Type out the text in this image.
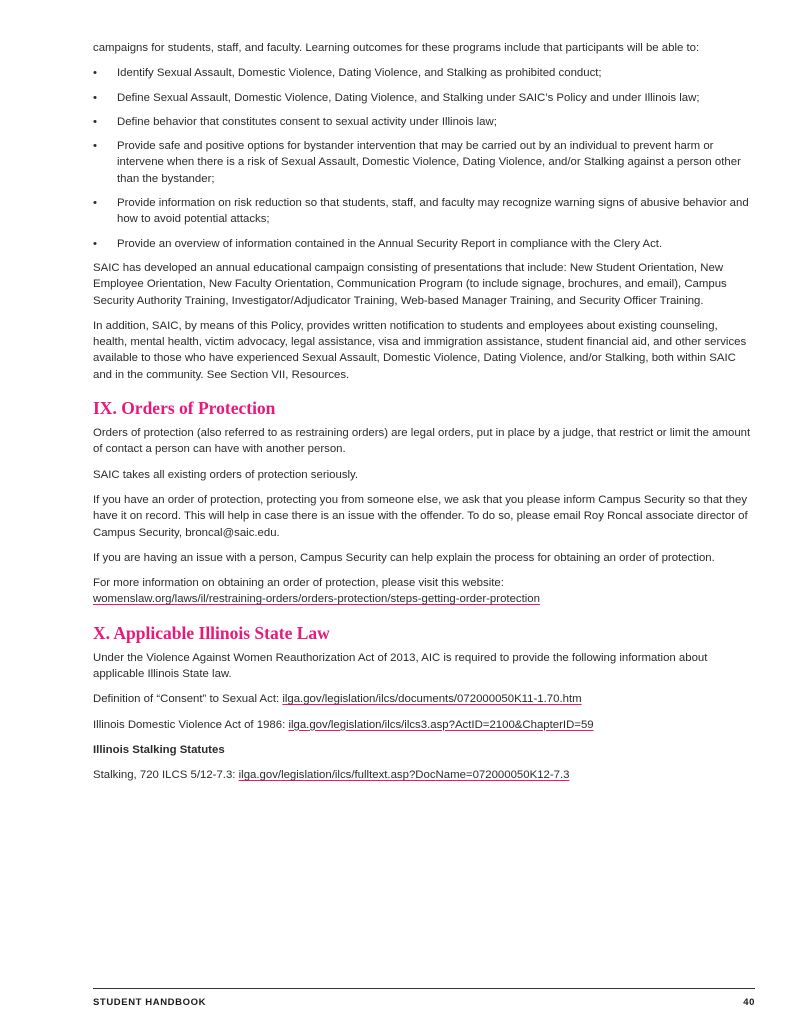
campaigns for students, staff, and faculty. Learning outcomes for these programs include that participants will be able to:

• Identify Sexual Assault, Domestic Violence, Dating Violence, and Stalking as prohibited conduct;
• Define Sexual Assault, Domestic Violence, Dating Violence, and Stalking under SAIC’s Policy and under Illinois law;
• Define behavior that constitutes consent to sexual activity under Illinois law;
• Provide safe and positive options for bystander intervention that may be carried out by an individual to prevent harm or intervene when there is a risk of Sexual Assault, Domestic Violence, Dating Violence, and/or Stalking against a person other than the bystander;
• Provide information on risk reduction so that students, staff, and faculty may recognize warning signs of abusive behavior and how to avoid potential attacks;
• Provide an overview of information contained in the Annual Security Report in compliance with the Clery Act.

SAIC has developed an annual educational campaign consisting of presentations that include: New Student Orientation, New Employee Orientation, New Faculty Orientation, Communication Program (to include signage, brochures, and email), Campus Security Authority Training, Investigator/Adjudicator Training, Web-based Manager Training, and Security Officer Training.

In addition, SAIC, by means of this Policy, provides written notification to students and employees about existing counseling, health, mental health, victim advocacy, legal assistance, visa and immigration assistance, student financial aid, and other services available to those who have experienced Sexual Assault, Domestic Violence, Dating Violence, and/or Stalking, both within SAIC and in the community. See Section VII, Resources.

IX. Orders of Protection

Orders of protection (also referred to as restraining orders) are legal orders, put in place by a judge, that restrict or limit the amount of contact a person can have with another person.

SAIC takes all existing orders of protection seriously.

If you have an order of protection, protecting you from someone else, we ask that you please inform Campus Security so that they have it on record. This will help in case there is an issue with the offender. To do so, please email Roy Roncal associate director of Campus Security, broncal@saic.edu.

If you are having an issue with a person, Campus Security can help explain the process for obtaining an order of protection.

For more information on obtaining an order of protection, please visit this website:
womenslaw.org/laws/il/restraining-orders/orders-protection/steps-getting-order-protection

X. Applicable Illinois State Law

Under the Violence Against Women Reauthorization Act of 2013, AIC is required to provide the following information about applicable Illinois State law.

Definition of “Consent” to Sexual Act: ilga.gov/legislation/ilcs/documents/072000050K11-1.70.htm

Illinois Domestic Violence Act of 1986: ilga.gov/legislation/ilcs/ilcs3.asp?ActID=2100&ChapterID=59

Illinois Stalking Statutes

Stalking, 720 ILCS 5/12-7.3: ilga.gov/legislation/ilcs/fulltext.asp?DocName=072000050K12-7.3

STUDENT HANDBOOK	40
